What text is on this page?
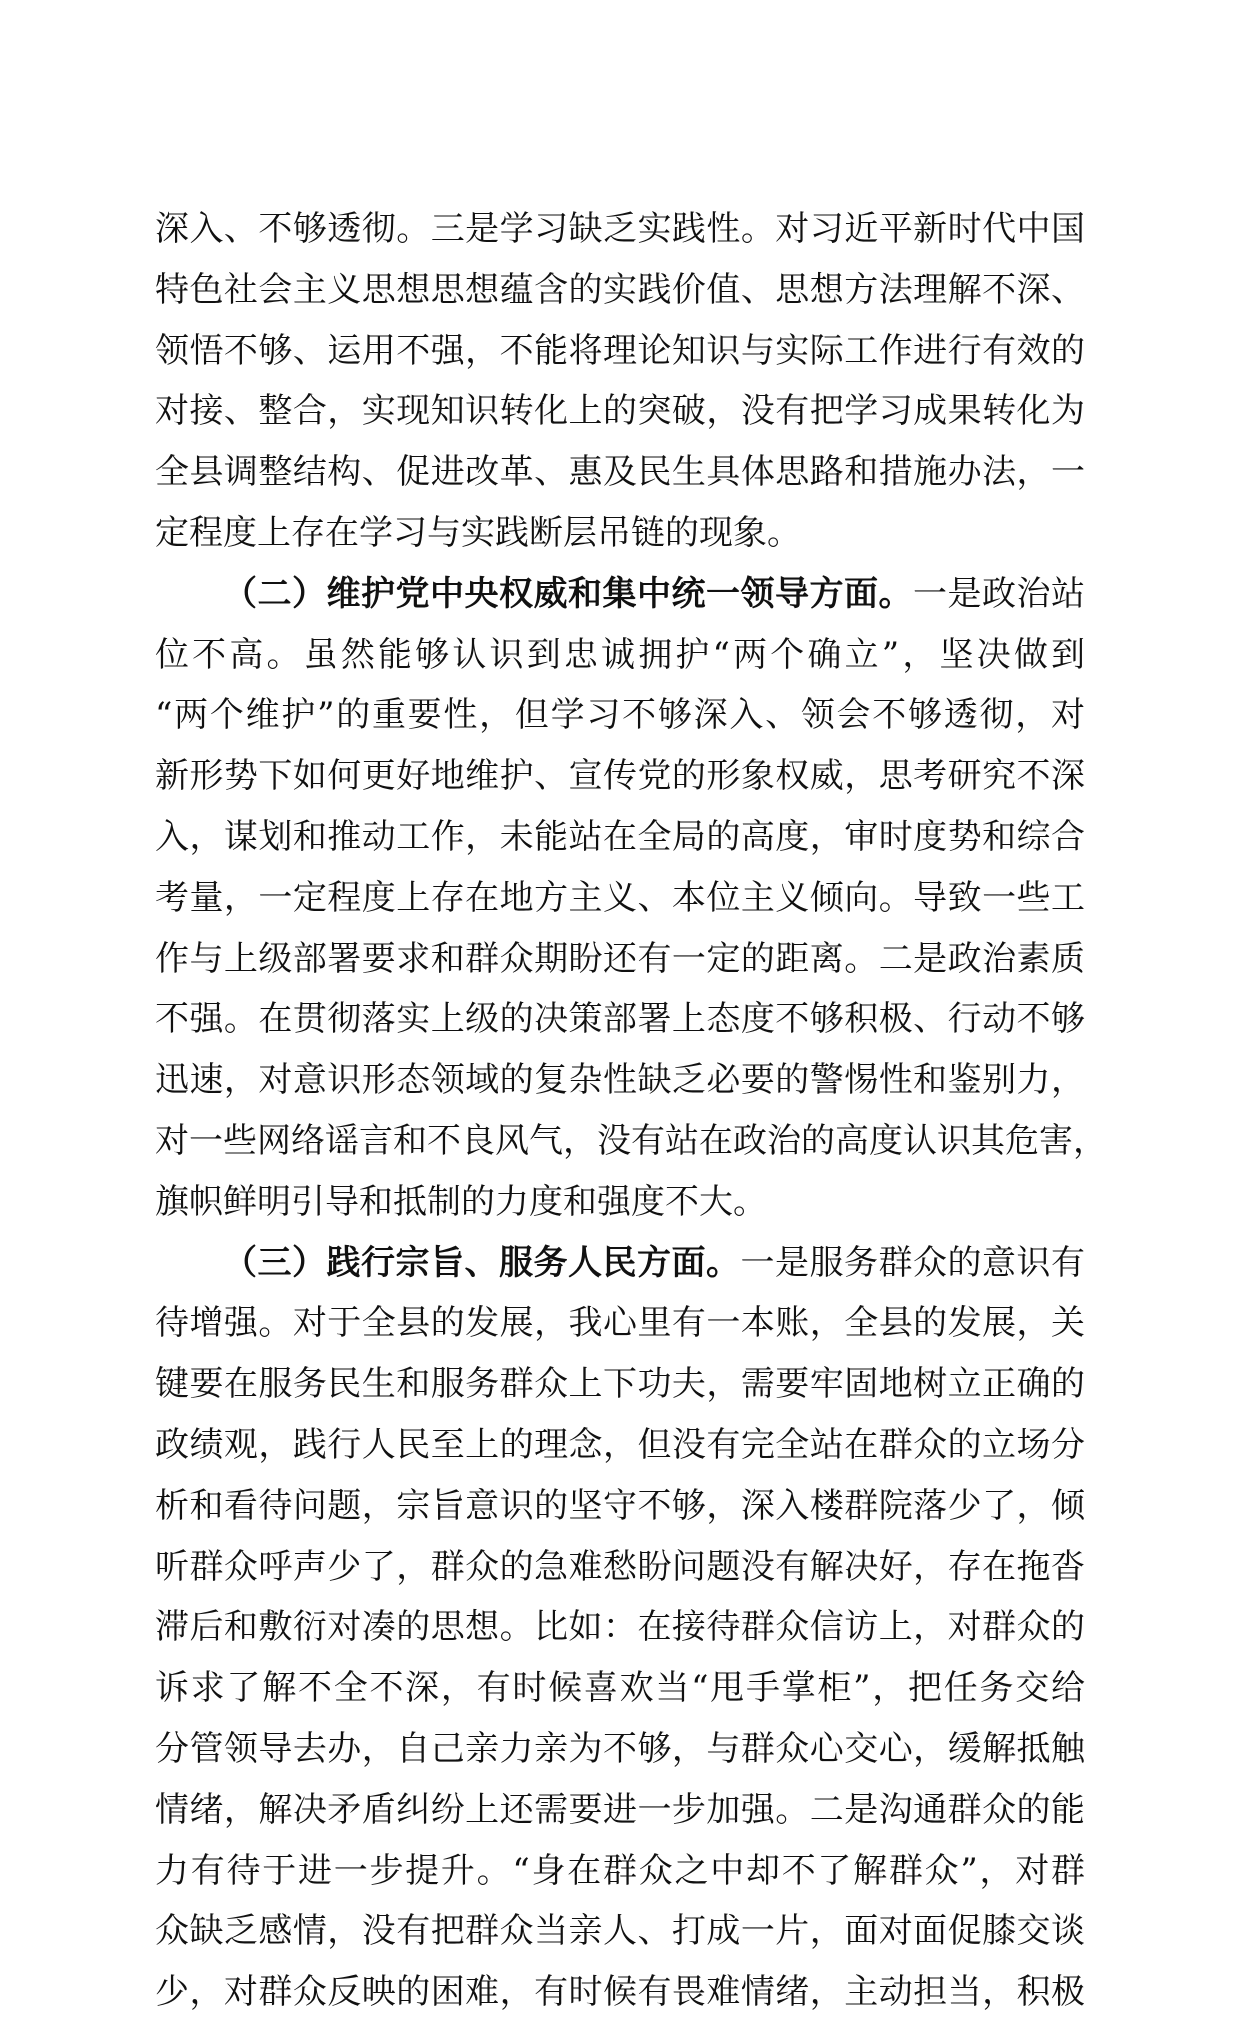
深入、不够透彻。三是学习缺乏实践性。对习近平新时代中国
特色社会主义思想思想蕴含的实践价值、思想方法理解不深、
领悟不够、运用不强，不能将理论知识与实际工作进行有效的
对接、整合，实现知识转化上的突破，没有把学习成果转化为
全县调整结构、促进改革、惠及民生具体思路和措施办法，一
定程度上存在学习与实践断层吊链的现象。
（二）维护党中央权威和集中统一领导方面。一是政治站
位不高。虽然能够认识到忠诚拥护“两个确立”，坚决做到
“两个维护”的重要性，但学习不够深入、领会不够透彻，对
新形势下如何更好地维护、宣传党的形象权威，思考研究不深
入，谋划和推动工作，未能站在全局的高度，审时度势和综合
考量，一定程度上存在地方主义、本位主义倾向。导致一些工
作与上级部署要求和群众期盼还有一定的距离。二是政治素质
不强。在贯彻落实上级的决策部署上态度不够积极、行动不够
迅速，对意识形态领域的复杂性缺乏必要的警惕性和鉴别力，
对一些网络谣言和不良风气，没有站在政治的高度认识其危害，
旗帜鲜明引导和抵制的力度和强度不大。
（三）践行宗旨、服务人民方面。一是服务群众的意识有
待增强。对于全县的发展，我心里有一本账，全县的发展，关
键要在服务民生和服务群众上下功夫，需要牢固地树立正确的
政绩观，践行人民至上的理念，但没有完全站在群众的立场分
析和看待问题，宗旨意识的坚守不够，深入楼群院落少了，倾
听群众呼声少了，群众的急难愁盼问题没有解决好，存在拖沓
滞后和敷衍对凑的思想。比如：在接待群众信访上，对群众的
诉求了解不全不深，有时候喜欢当“甩手掌柜”，把任务交给
分管领导去办，自己亲力亲为不够，与群众心交心，缓解抵触
情绪，解决矛盾纠纷上还需要进一步加强。二是沟通群众的能
力有待于进一步提升。“身在群众之中却不了解群众”，对群
众缺乏感情，没有把群众当亲人、打成一片，面对面促膝交谈
少，对群众反映的困难，有时候有畏难情绪，主动担当，积极
